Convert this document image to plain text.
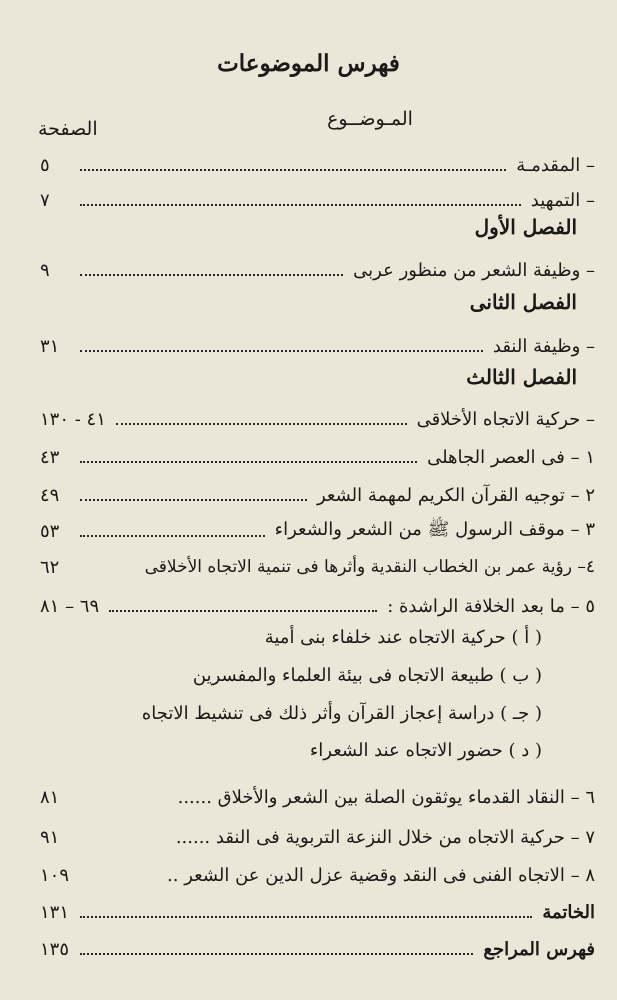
فهرس الموضوعات
المـوضــوع
الصفحة
– المقدمـة
٥
– التمهيد
٧
الفصل الأول
– وظيفة الشعر من منظور عربى
٩
الفصل الثانى
– وظيفة النقد
٣١
الفصل الثالث
– حركية الاتجاه الأخلاقى
٤١ - ١٣٠
١ – فى العصر الجاهلى
٤٣
٢ – توجيه القرآن الكريم لمهمة الشعر
٤٩
٣ – موقف الرسول ﷺ من الشعر والشعراء
٥٣
٤– رؤية عمر بن الخطاب النقدية وأثرها فى تنمية الاتجاه الأخلاقى
٦٢
٥ – ما بعد الخلافة الراشدة :
٦٩ – ٨١
( أ ) حركية الاتجاه عند خلفاء بنى أمية
( ب ) طبيعة الاتجاه فى بيئة العلماء والمفسرين
( جـ ) دراسة إعجاز القرآن وأثر ذلك فى تنشيط الاتجاه
( د ) حضور الاتجاه عند الشعراء
٦ – النقاد القدماء يوثقون الصلة بين الشعر والأخلاق ......
٨١
٧ – حركية الاتجاه من خلال النزعة التربوية فى النقد ......
٩١
٨ – الاتجاه الفنى فى النقد وقضية عزل الدين عن الشعر ..
١٠٩
الخاتمة
١٣١
فهرس المراجع
١٣٥
